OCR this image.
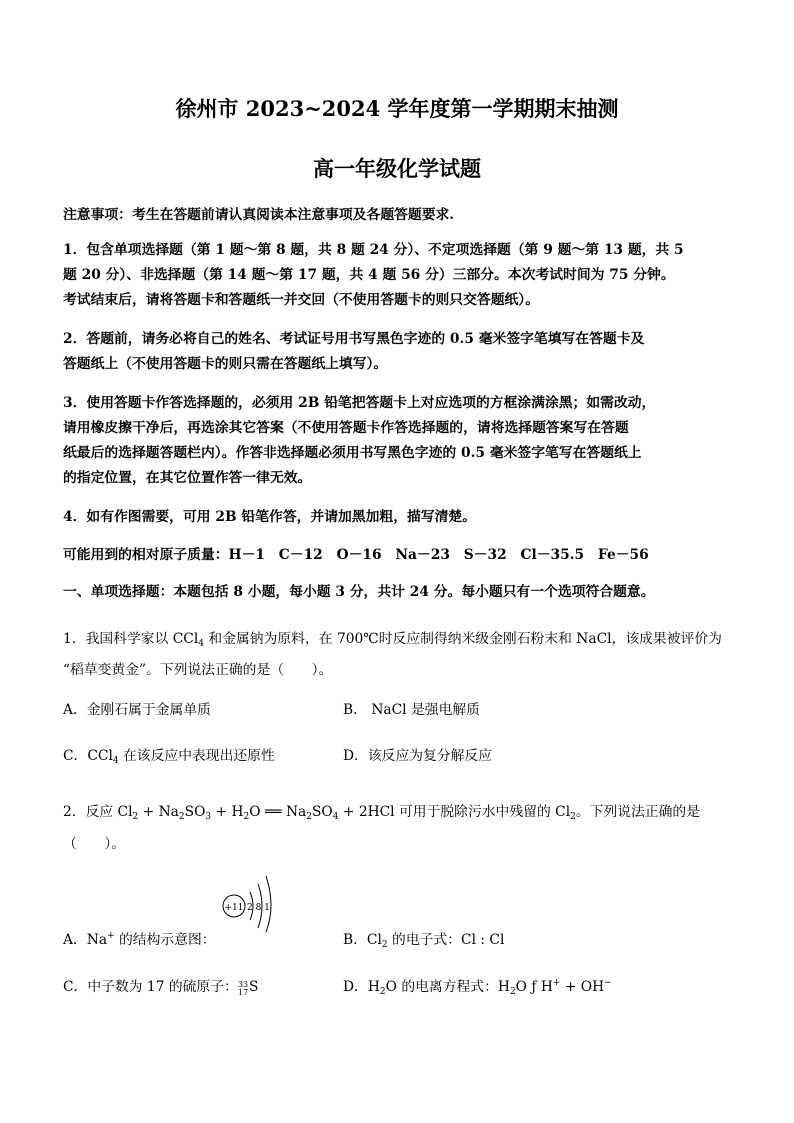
徐州市 2023~2024 学年度第一学期期末抽测
高一年级化学试题
注意事项：考生在答题前请认真阅读本注意事项及各题答题要求.
1．包含单项选择题（第 1 题～第 8 题，共 8 题 24 分）、不定项选择题（第 9 题～第 13 题，共 5
题 20 分）、非选择题（第 14 题～第 17 题，共 4 题 56 分）三部分。本次考试时间为 75 分钟。
考试结束后，请将答题卡和答题纸一并交回（不使用答题卡的则只交答题纸）。
2．答题前，请务必将自己的姓名、考试证号用书写黑色字迹的 0.5 毫米签字笔填写在答题卡及
答题纸上（不使用答题卡的则只需在答题纸上填写）。
3．使用答题卡作答选择题的，必须用 2B 铅笔把答题卡上对应选项的方框涂满涂黑；如需改动，
请用橡皮擦干净后，再选涂其它答案（不使用答题卡作答选择题的，请将选择题答案写在答题
纸最后的选择题答题栏内）。作答非选择题必须用书写黑色字迹的 0.5 毫米签字笔写在答题纸上
的指定位置，在其它位置作答一律无效。
4．如有作图需要，可用 2B 铅笔作答，并请加黑加粗，描写清楚。
可能用到的相对原子质量：H－1　C－12　O－16　Na－23　S－32　Cl－35.5　Fe－56
一、单项选择题：本题包括 8 小题，每小题 3 分，共计 24 分。每小题只有一个选项符合题意。
1．我国科学家以 CCl$_4$ 和金属钠为原料，在 700℃时反应制得纳米级金刚石粉末和 NaCl，该成果被评价为
“稻草变黄金”。下列说法正确的是（　　）。
A．金刚石属于金属单质	B． NaCl 是强电解质
C．CCl$_4$ 在该反应中表现出还原性	D．该反应为复分解反应
2．反应 $Cl_2 + Na_2SO_3 + H_2O$ ══ $Na_2SO_4 + 2HCl$ 可用于脱除污水中残留的 $Cl_2$。下列说法正确的是
（　　）。
+11 2 8 1
A．Na+ 的结构示意图：	B．$Cl_2$ 的电子式：Cl : Cl
C．中子数为 17 的硫原子：33
17S	D．$H_2O$ 的电离方程式：$H_2O$ ƒ H+ + OH−
